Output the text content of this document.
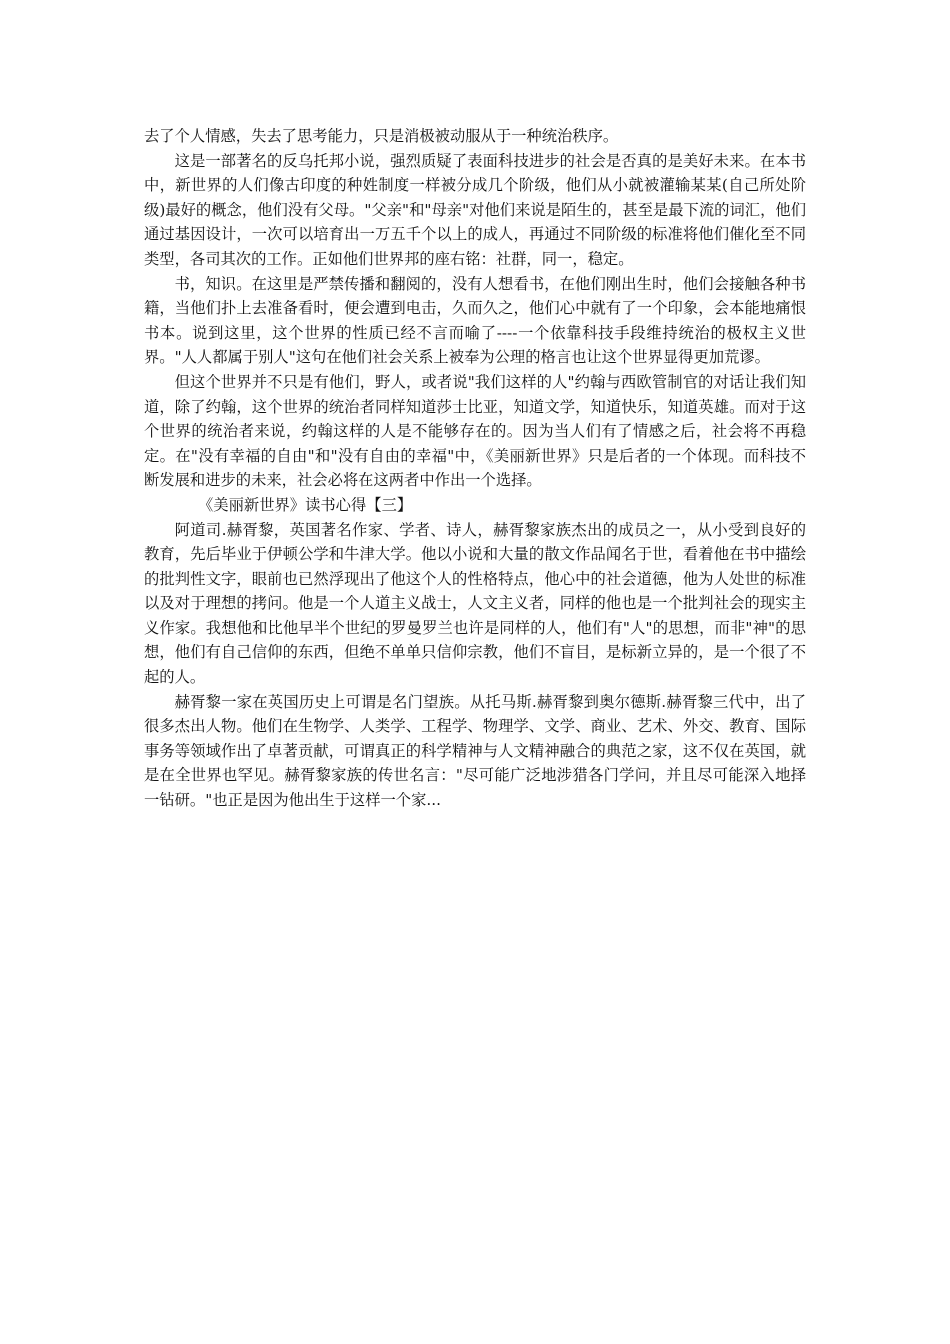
去了个人情感，失去了思考能力，只是消极被动服从于一种统治秩序。

这是一部著名的反乌托邦小说，强烈质疑了表面科技进步的社会是否真的是美好未来。在本书中，新世界的人们像古印度的种姓制度一样被分成几个阶级，他们从小就被灌输某某(自己所处阶级)最好的概念，他们没有父母。"父亲"和"母亲"对他们来说是陌生的，甚至是最下流的词汇，他们通过基因设计，一次可以培育出一万五千个以上的成人，再通过不同阶级的标准将他们催化至不同类型，各司其次的工作。正如他们世界邦的座右铭：社群，同一，稳定。

书，知识。在这里是严禁传播和翻阅的，没有人想看书，在他们刚出生时，他们会接触各种书籍，当他们扑上去准备看时，便会遭到电击，久而久之，他们心中就有了一个印象，会本能地痛恨书本。说到这里，这个世界的性质已经不言而喻了----一个依靠科技手段维持统治的极权主义世界。"人人都属于别人"这句在他们社会关系上被奉为公理的格言也让这个世界显得更加荒谬。

但这个世界并不只是有他们，野人，或者说"我们这样的人"约翰与西欧管制官的对话让我们知道，除了约翰，这个世界的统治者同样知道莎士比亚，知道文学，知道快乐，知道英雄。而对于这个世界的统治者来说，约翰这样的人是不能够存在的。因为当人们有了情感之后，社会将不再稳定。在"没有幸福的自由"和"没有自由的幸福"中，《美丽新世界》只是后者的一个体现。而科技不断发展和进步的未来，社会必将在这两者中作出一个选择。

《美丽新世界》读书心得【三】

阿道司.赫胥黎，英国著名作家、学者、诗人，赫胥黎家族杰出的成员之一，从小受到良好的教育，先后毕业于伊顿公学和牛津大学。他以小说和大量的散文作品闻名于世，看着他在书中描绘的批判性文字，眼前也已然浮现出了他这个人的性格特点，他心中的社会道德，他为人处世的标准以及对于理想的拷问。他是一个人道主义战士，人文主义者，同样的他也是一个批判社会的现实主义作家。我想他和比他早半个世纪的罗曼罗兰也许是同样的人，他们有"人"的思想，而非"神"的思想，他们有自己信仰的东西，但绝不单单只信仰宗教，他们不盲目，是标新立异的，是一个很了不起的人。

赫胥黎一家在英国历史上可谓是名门望族。从托马斯.赫胥黎到奥尔德斯.赫胥黎三代中，出了很多杰出人物。他们在生物学、人类学、工程学、物理学、文学、商业、艺术、外交、教育、国际事务等领域作出了卓著贡献，可谓真正的科学精神与人文精神融合的典范之家，这不仅在英国，就是在全世界也罕见。赫胥黎家族的传世名言："尽可能广泛地涉猎各门学问，并且尽可能深入地择一钻研。"也正是因为他出生于这样一个家...
